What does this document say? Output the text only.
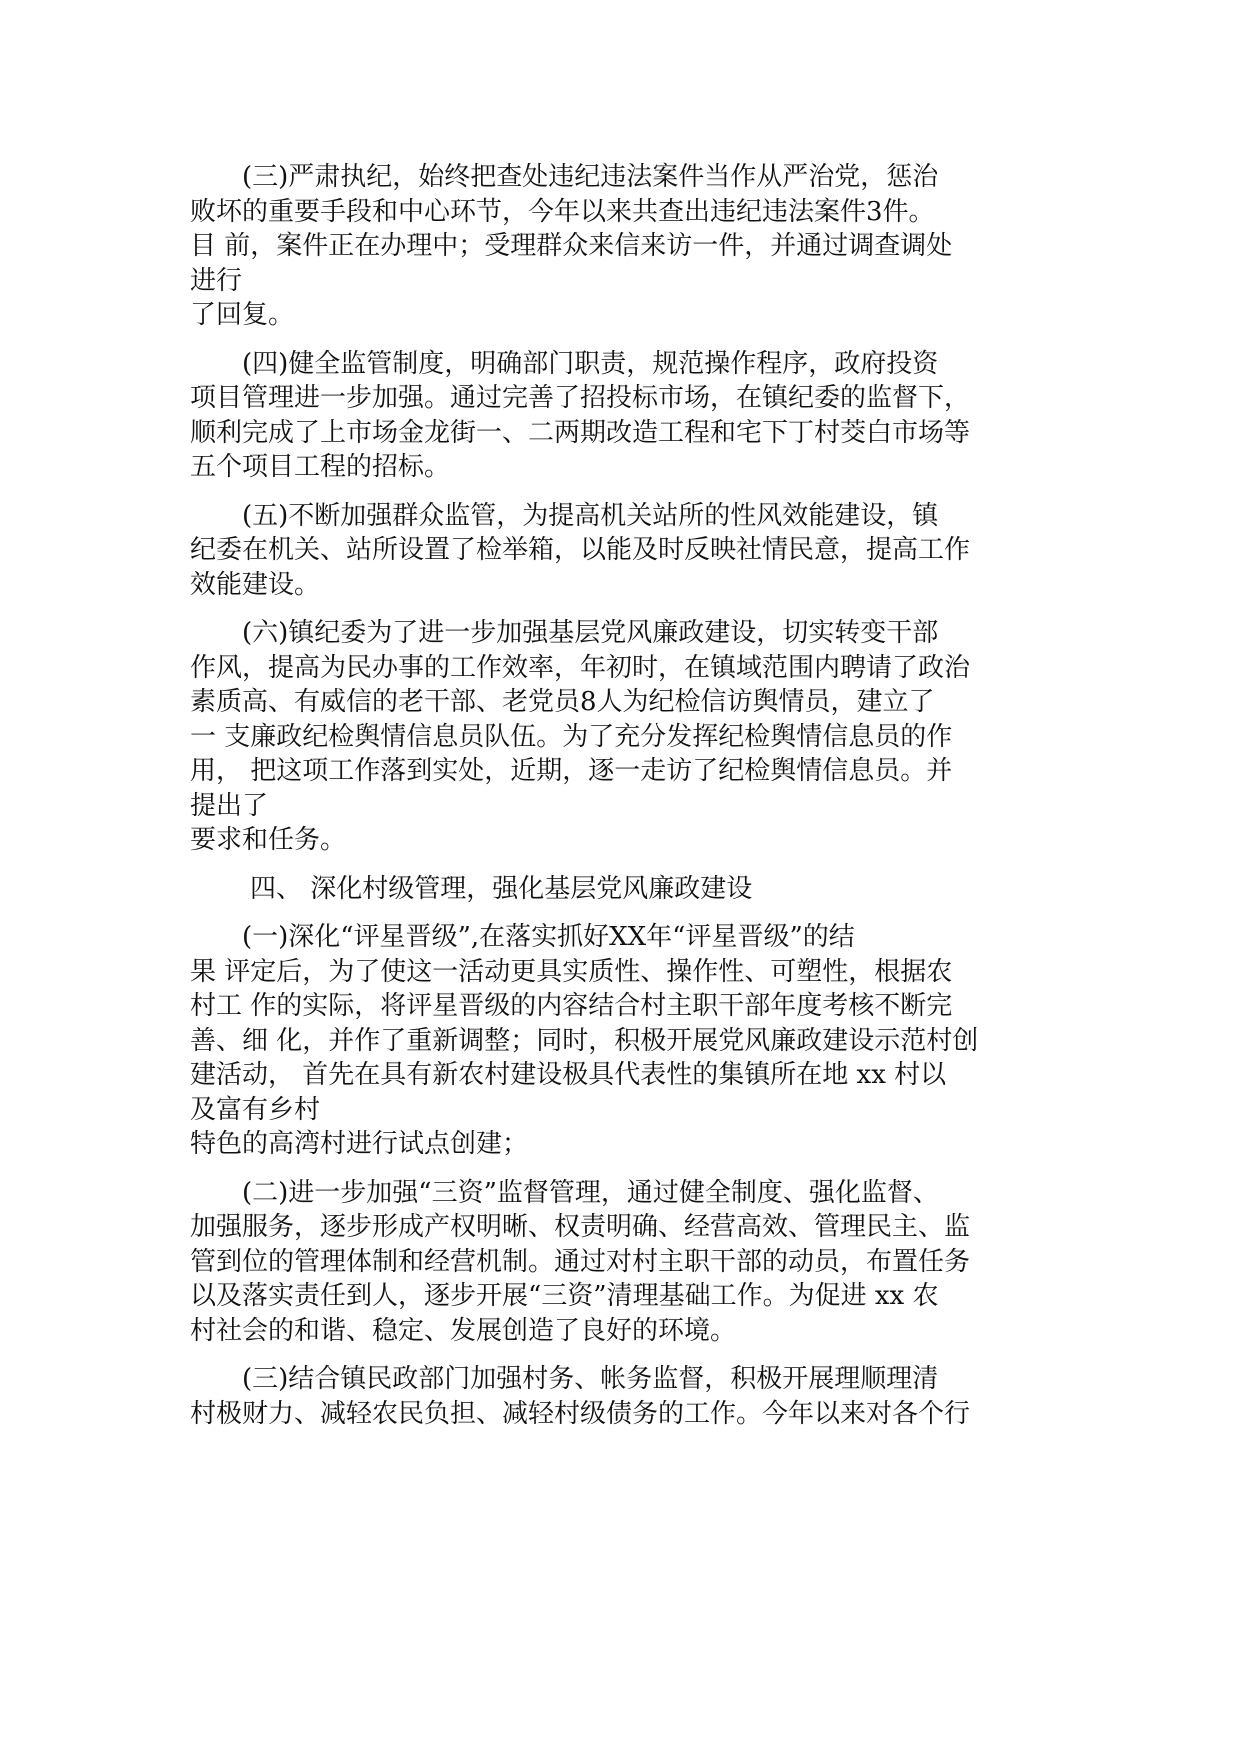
(三)严肃执纪，始终把查处违纪违法案件当作从严治党，惩治
败坏的重要手段和中心环节，今年以来共查出违纪违法案件3件。
目 前，案件正在办理中；受理群众来信来访一件，并通过调查调处
进行
了回复。
(四)健全监管制度，明确部门职责，规范操作程序，政府投资
项目管理进一步加强。通过完善了招投标市场，在镇纪委的监督下，
顺利完成了上市场金龙街一、二两期改造工程和宅下丁村茭白市场等
五个项目工程的招标。
(五)不断加强群众监管，为提高机关站所的性风效能建设，镇
纪委在机关、站所设置了检举箱，以能及时反映社情民意，提高工作
效能建设。
(六)镇纪委为了进一步加强基层党风廉政建设，切实转变干部
作风，提高为民办事的工作效率，年初时，在镇域范围内聘请了政治
素质高、有威信的老干部、老党员8人为纪检信访舆情员，建立了
一 支廉政纪检舆情信息员队伍。为了充分发挥纪检舆情信息员的作
用， 把这项工作落到实处，近期，逐一走访了纪检舆情信息员。并
提出了
要求和任务。
四、 深化村级管理，强化基层党风廉政建设
(一)深化“评星晋级”,在落实抓好XX年“评星晋级”的结
果 评定后，为了使这一活动更具实质性、操作性、可塑性，根据农
村工 作的实际，将评星晋级的内容结合村主职干部年度考核不断完
善、细 化，并作了重新调整；同时，积极开展党风廉政建设示范村创
建活动， 首先在具有新农村建设极具代表性的集镇所在地 xx 村以
及富有乡村
特色的高湾村进行试点创建；
(二)进一步加强“三资”监督管理，通过健全制度、强化监督、
加强服务，逐步形成产权明晰、权责明确、经营高效、管理民主、监
管到位的管理体制和经营机制。通过对村主职干部的动员，布置任务
以及落实责任到人，逐步开展“三资”清理基础工作。为促进 xx 农
村社会的和谐、稳定、发展创造了良好的环境。
(三)结合镇民政部门加强村务、帐务监督，积极开展理顺理清
村极财力、减轻农民负担、减轻村级债务的工作。今年以来对各个行
